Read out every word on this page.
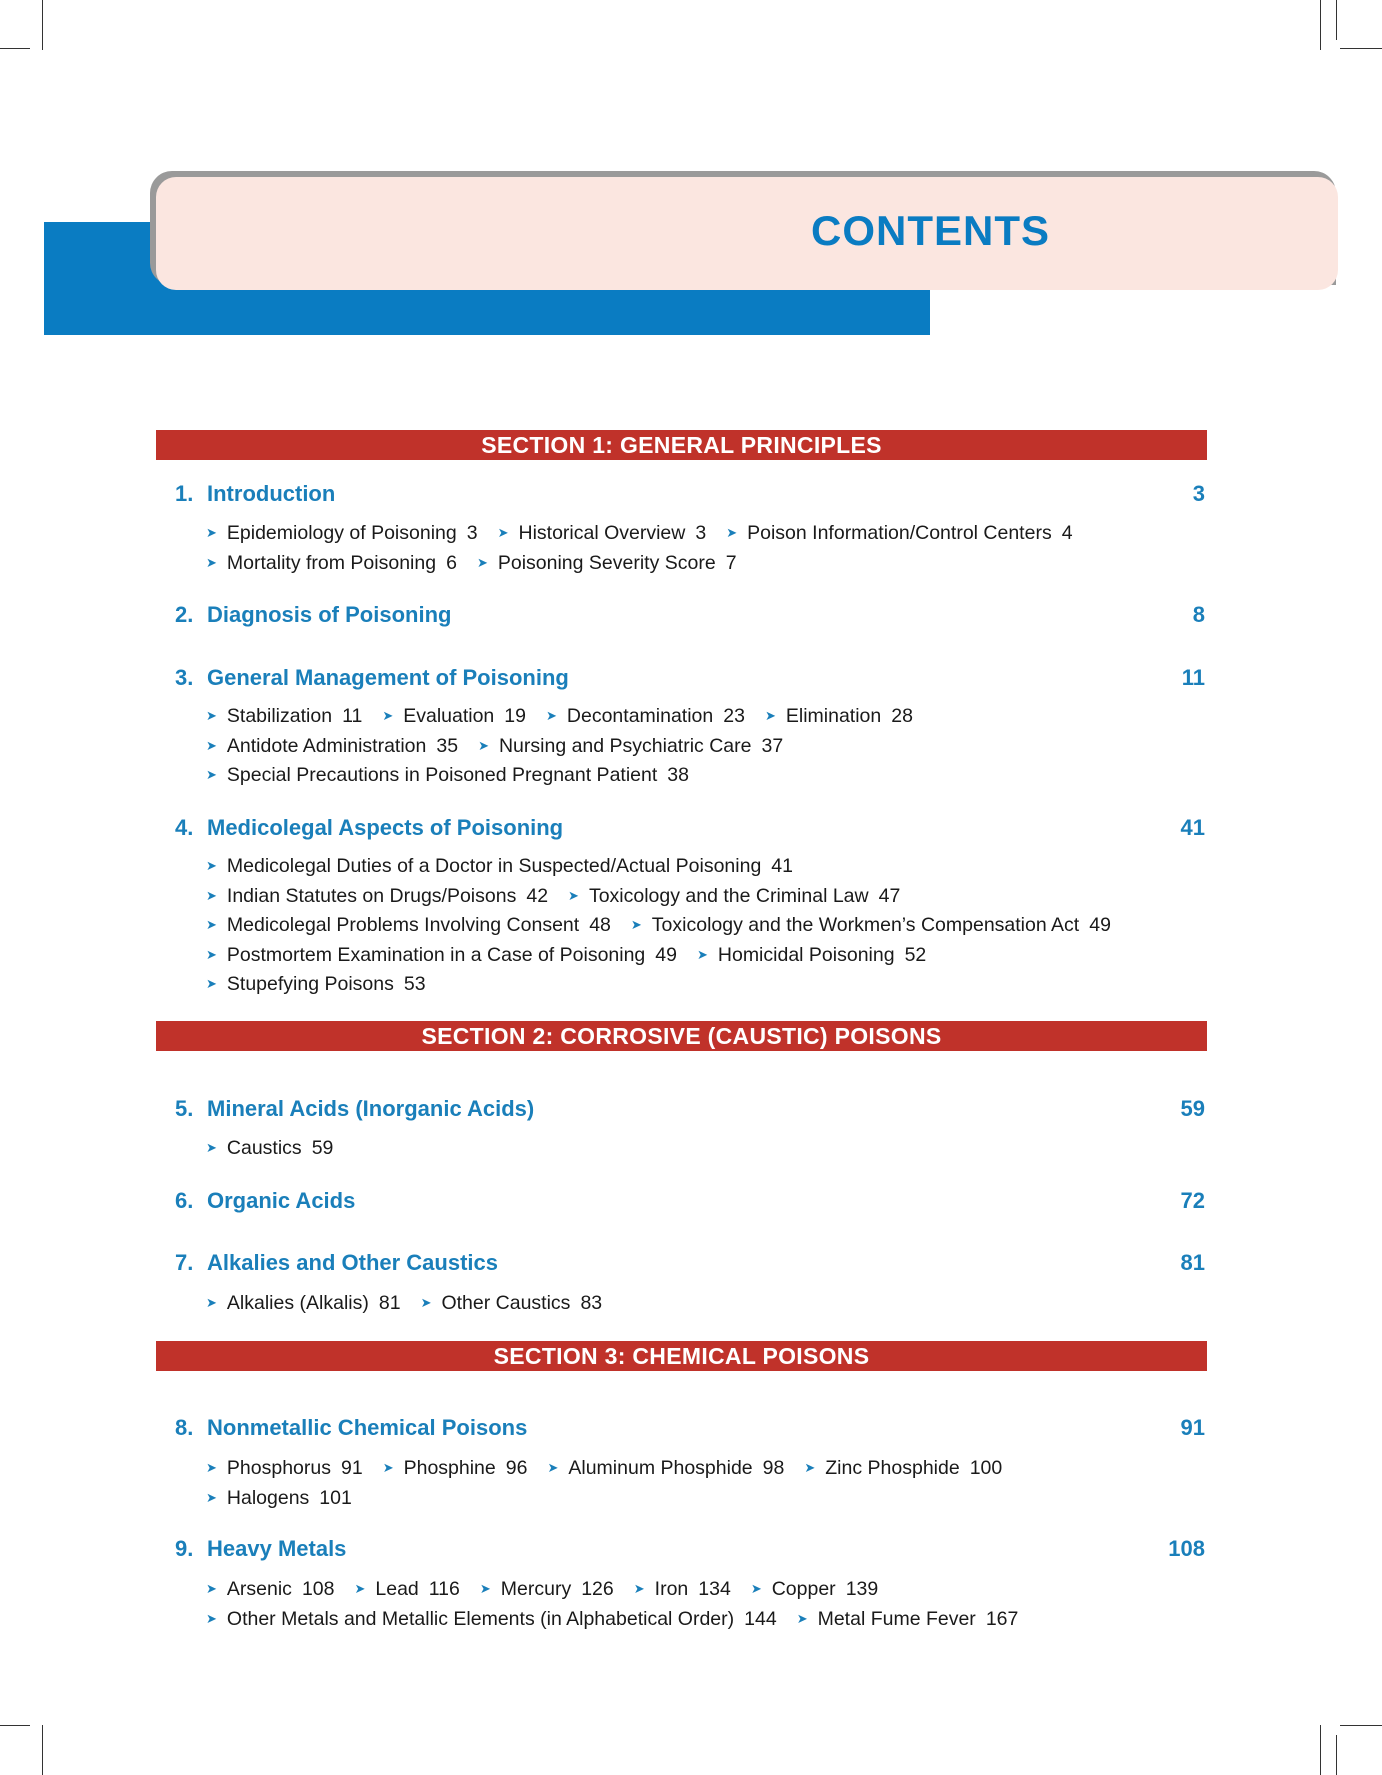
CONTENTS
SECTION 1: GENERAL PRINCIPLES
SECTION 2: CORROSIVE (CAUSTIC) POISONS
SECTION 3: CHEMICAL POISONS
1. Introduction	3
➤ Epidemiology of Poisoning 3 ➤ Historical Overview 3 ➤ Poison Information/Control Centers 4
➤ Mortality from Poisoning 6 ➤ Poisoning Severity Score 7
2. Diagnosis of Poisoning	8
3. General Management of Poisoning	11
➤ Stabilization 11 ➤ Evaluation 19 ➤ Decontamination 23 ➤ Elimination 28
➤ Antidote Administration 35 ➤ Nursing and Psychiatric Care 37
➤ Special Precautions in Poisoned Pregnant Patient 38
4. Medicolegal Aspects of Poisoning	41
➤ Medicolegal Duties of a Doctor in Suspected/Actual Poisoning 41
➤ Indian Statutes on Drugs/Poisons 42 ➤ Toxicology and the Criminal Law 47
➤ Medicolegal Problems Involving Consent 48 ➤ Toxicology and the Workmen’s Compensation Act 49
➤ Postmortem Examination in a Case of Poisoning 49 ➤ Homicidal Poisoning 52
➤ Stupefying Poisons 53
5. Mineral Acids (Inorganic Acids)	59
➤ Caustics 59
6. Organic Acids	72
7. Alkalies and Other Caustics	81
➤ Alkalies (Alkalis) 81 ➤ Other Caustics 83
8. Nonmetallic Chemical Poisons	91
➤ Phosphorus 91 ➤ Phosphine 96 ➤ Aluminum Phosphide 98 ➤ Zinc Phosphide 100
➤ Halogens 101
9. Heavy Metals	108
➤ Arsenic 108 ➤ Lead 116 ➤ Mercury 126 ➤ Iron 134 ➤ Copper 139
➤ Other Metals and Metallic Elements (in Alphabetical Order) 144 ➤ Metal Fume Fever 167
